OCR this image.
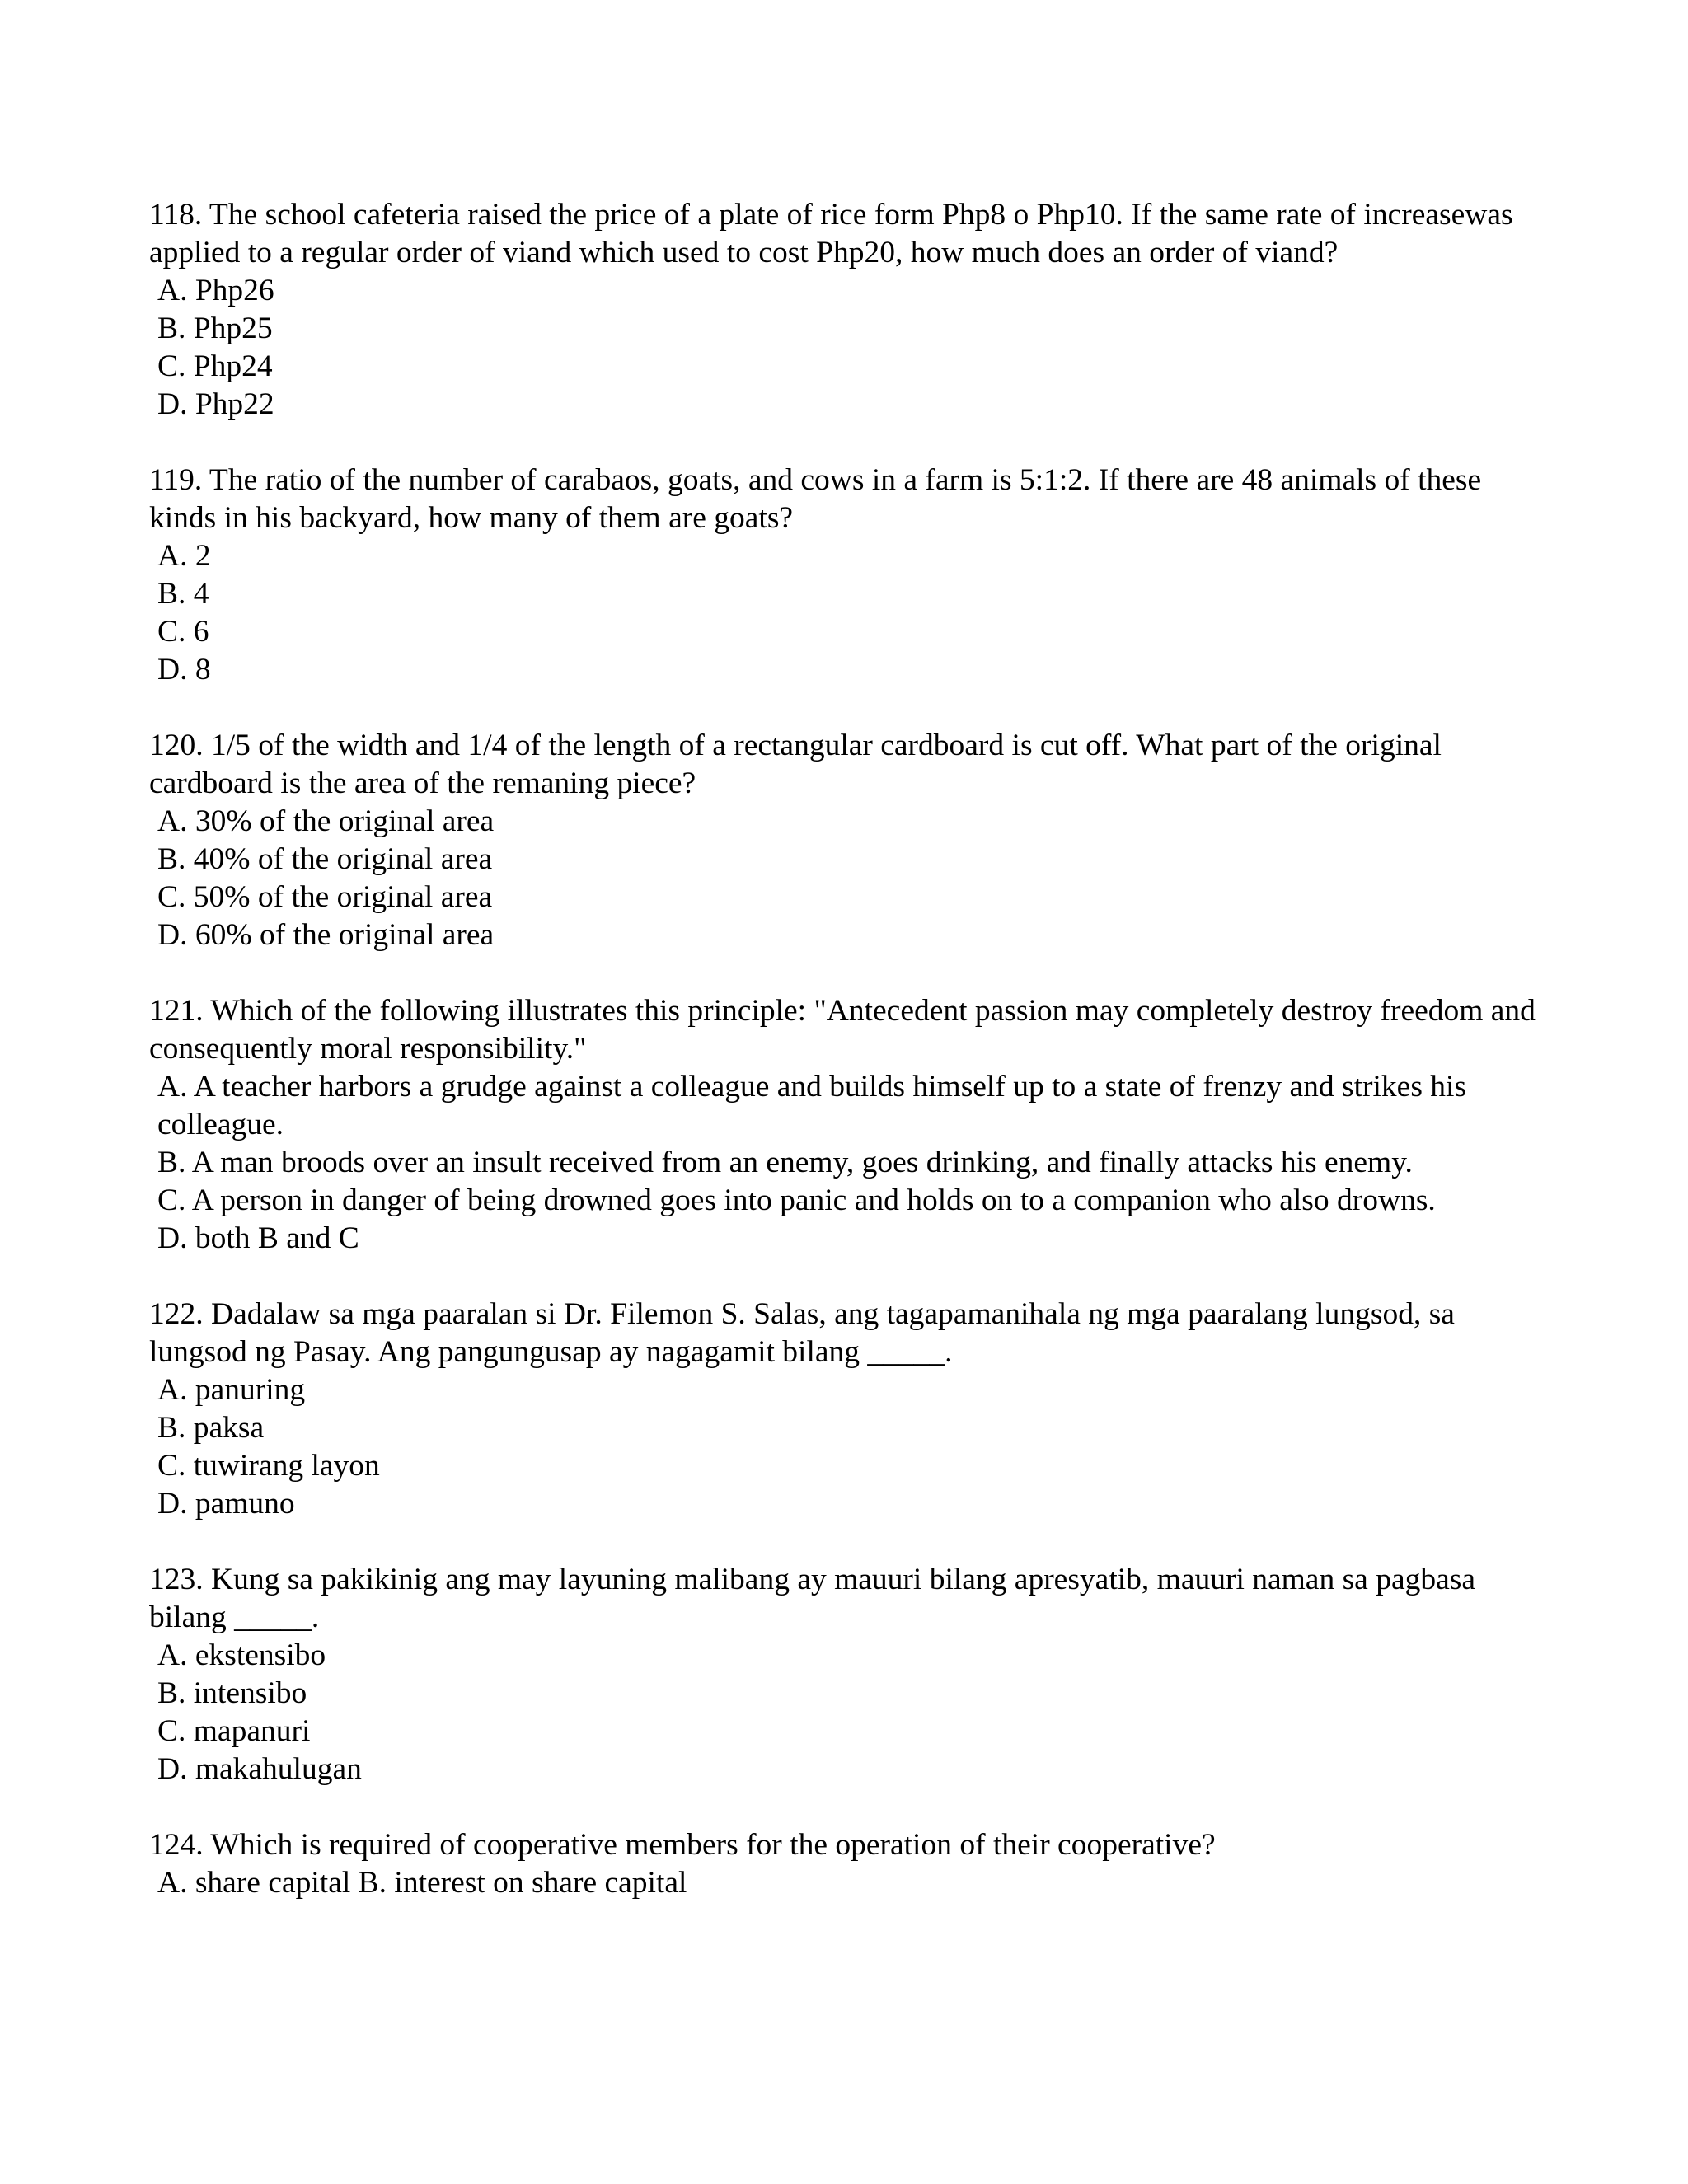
118. The school cafeteria raised the price of a plate of rice form Php8 o Php10. If the same rate of increasewas applied to a regular order of viand which used to cost Php20, how much does an order of viand?
A. Php26
B. Php25
C. Php24
D. Php22
119. The ratio of the number of carabaos, goats, and cows in a farm is 5:1:2. If there are 48 animals of these kinds in his backyard, how many of them are goats?
A. 2
B. 4
C. 6
D. 8
120. 1/5 of the width and 1/4 of the length of a rectangular cardboard is cut off. What part of the original cardboard is the area of the remaning piece?
A. 30% of the original area
B. 40% of the original area
C. 50% of the original area
D. 60% of the original area
121. Which of the following illustrates this principle: "Antecedent passion may completely destroy freedom and consequently moral responsibility."
A. A teacher harbors a grudge against a colleague and builds himself up to a state of frenzy and strikes his colleague.
B. A man broods over an insult received from an enemy, goes drinking, and finally attacks his enemy.
C. A person in danger of being drowned goes into panic and holds on to a companion who also drowns.
D. both B and C
122. Dadalaw sa mga paaralan si Dr. Filemon S. Salas, ang tagapamanihala ng mga paaralang lungsod, sa lungsod ng Pasay. Ang pangungusap ay nagagamit bilang _____.
A. panuring
B. paksa
C. tuwirang layon
D. pamuno
123. Kung sa pakikinig ang may layuning malibang ay mauuri bilang apresyatib, mauuri naman sa pagbasa bilang _____.
A. ekstensibo
B. intensibo
C. mapanuri
D. makahulugan
124. Which is required of cooperative members for the operation of their cooperative?
A. share capital B. interest on share capital
